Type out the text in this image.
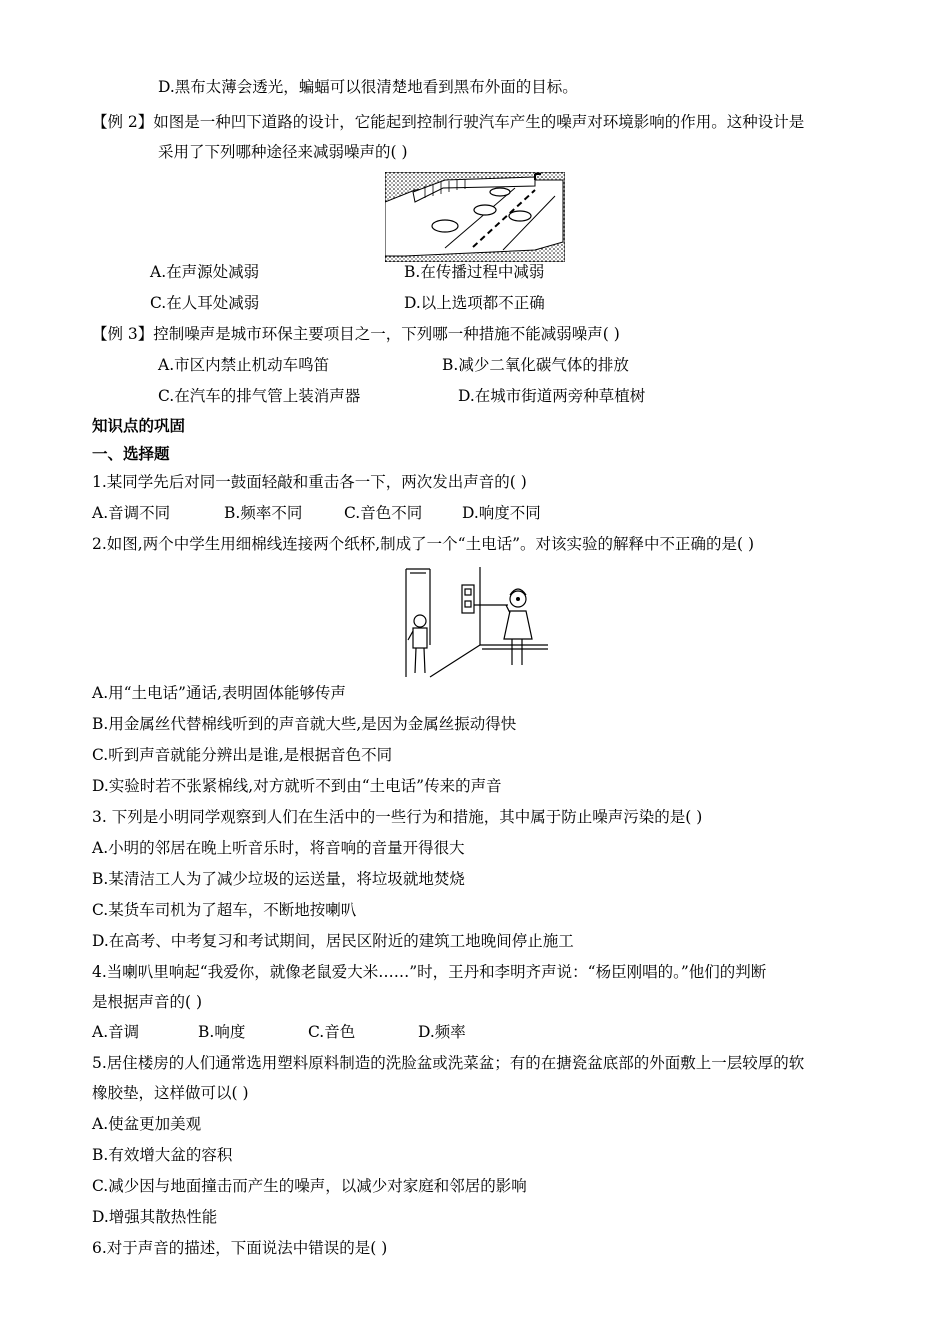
D.黑布太薄会透光，蝙蝠可以很清楚地看到黑布外面的目标。
【例 2】如图是一种凹下道路的设计，它能起到控制行驶汽车产生的噪声对环境影响的作用。这种设计是
采用了下列哪种途径来减弱噪声的( )
A.在声源处减弱	B.在传播过程中减弱
C.在人耳处减弱	D.以上选项都不正确
【例 3】控制噪声是城市环保主要项目之一，下列哪一种措施不能减弱噪声( )
A.市区内禁止机动车鸣笛	B.减少二氧化碳气体的排放
C.在汽车的排气管上装消声器	D.在城市街道两旁种草植树
知识点的巩固
一、选择题
1.某同学先后对同一鼓面轻敲和重击各一下，两次发出声音的( )
A.音调不同	B.频率不同	C.音色不同	D.响度不同
2.如图,两个中学生用细棉线连接两个纸杯,制成了一个“土电话”。对该实验的解释中不正确的是( )
A.用“土电话”通话,表明固体能够传声
B.用金属丝代替棉线听到的声音就大些,是因为金属丝振动得快
C.听到声音就能分辨出是谁,是根据音色不同
D.实验时若不张紧棉线,对方就听不到由“土电话”传来的声音
3. 下列是小明同学观察到人们在生活中的一些行为和措施，其中属于防止噪声污染的是( )
A.小明的邻居在晚上听音乐时，将音响的音量开得很大
B.某清洁工人为了减少垃圾的运送量，将垃圾就地焚烧
C.某货车司机为了超车，不断地按喇叭
D.在高考、中考复习和考试期间，居民区附近的建筑工地晚间停止施工
4.当喇叭里响起“我爱你，就像老鼠爱大米……”时，王丹和李明齐声说：“杨臣刚唱的。”他们的判断
是根据声音的( )
A.音调	B.响度	C.音色	D.频率
5.居住楼房的人们通常选用塑料原料制造的洗脸盆或洗菜盆；有的在搪瓷盆底部的外面敷上一层较厚的软
橡胶垫，这样做可以( )
A.使盆更加美观
B.有效增大盆的容积
C.减少因与地面撞击而产生的噪声，以减少对家庭和邻居的影响
D.增强其散热性能
6.对于声音的描述，下面说法中错误的是( )
